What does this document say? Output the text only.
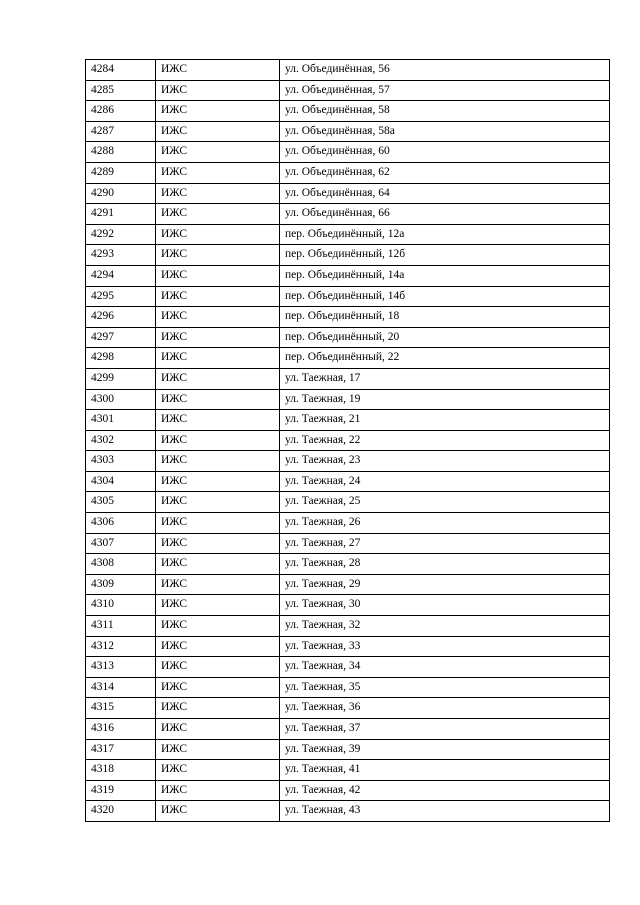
4284	ИЖС	ул. Объединённая, 56
4285	ИЖС	ул. Объединённая, 57
4286	ИЖС	ул. Объединённая, 58
4287	ИЖС	ул. Объединённая, 58а
4288	ИЖС	ул. Объединённая, 60
4289	ИЖС	ул. Объединённая, 62
4290	ИЖС	ул. Объединённая, 64
4291	ИЖС	ул. Объединённая, 66
4292	ИЖС	пер. Объединённый, 12а
4293	ИЖС	пер. Объединённый, 12б
4294	ИЖС	пер. Объединённый, 14а
4295	ИЖС	пер. Объединённый, 14б
4296	ИЖС	пер. Объединённый, 18
4297	ИЖС	пер. Объединённый, 20
4298	ИЖС	пер. Объединённый, 22
4299	ИЖС	ул. Таежная, 17
4300	ИЖС	ул. Таежная, 19
4301	ИЖС	ул. Таежная, 21
4302	ИЖС	ул. Таежная, 22
4303	ИЖС	ул. Таежная, 23
4304	ИЖС	ул. Таежная, 24
4305	ИЖС	ул. Таежная, 25
4306	ИЖС	ул. Таежная, 26
4307	ИЖС	ул. Таежная, 27
4308	ИЖС	ул. Таежная, 28
4309	ИЖС	ул. Таежная, 29
4310	ИЖС	ул. Таежная, 30
4311	ИЖС	ул. Таежная, 32
4312	ИЖС	ул. Таежная, 33
4313	ИЖС	ул. Таежная, 34
4314	ИЖС	ул. Таежная, 35
4315	ИЖС	ул. Таежная, 36
4316	ИЖС	ул. Таежная, 37
4317	ИЖС	ул. Таежная, 39
4318	ИЖС	ул. Таежная, 41
4319	ИЖС	ул. Таежная, 42
4320	ИЖС	ул. Таежная, 43
